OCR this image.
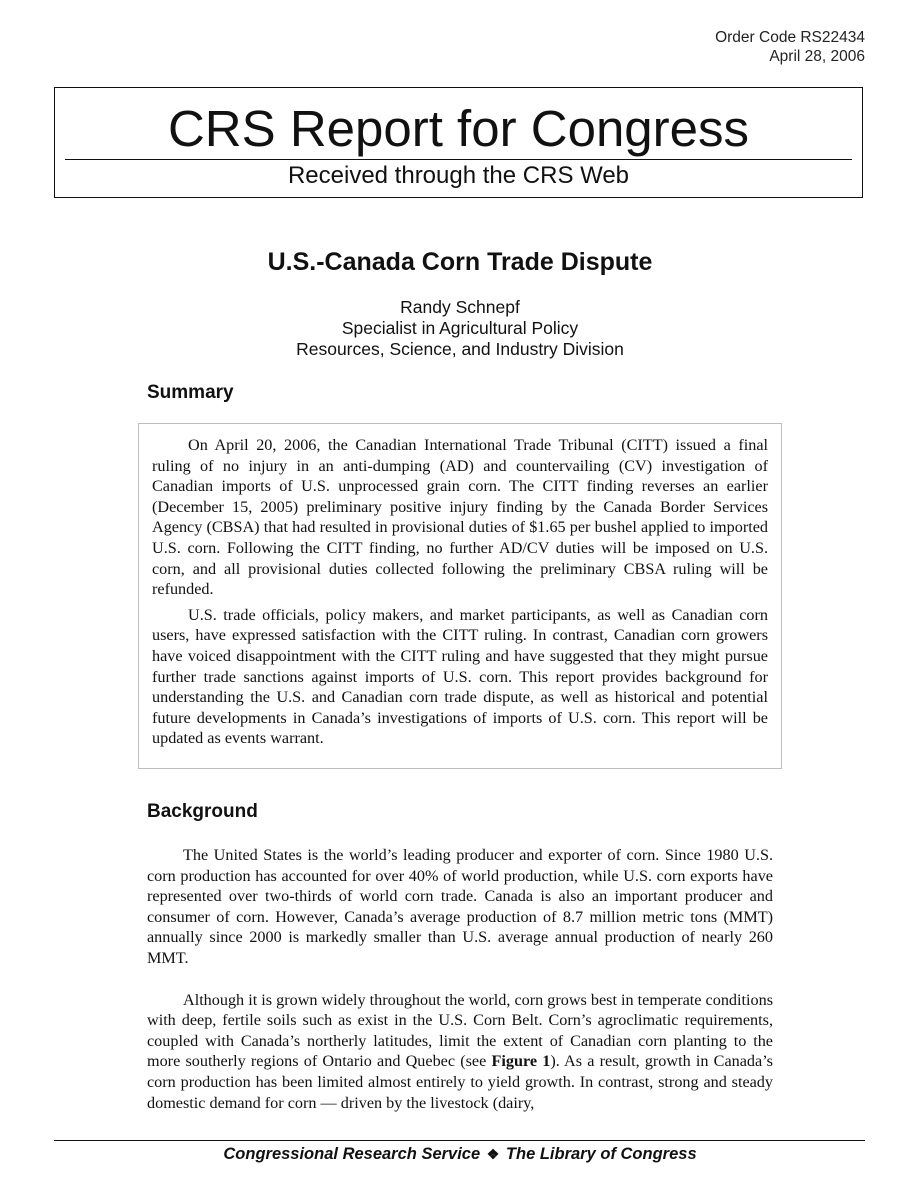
Order Code RS22434
April 28, 2006
CRS Report for Congress
Received through the CRS Web
U.S.-Canada Corn Trade Dispute
Randy Schnepf
Specialist in Agricultural Policy
Resources, Science, and Industry Division
Summary

On April 20, 2006, the Canadian International Trade Tribunal (CITT) issued a final ruling of no injury in an anti-dumping (AD) and countervailing (CV) investigation of Canadian imports of U.S. unprocessed grain corn. The CITT finding reverses an earlier (December 15, 2005) preliminary positive injury finding by the Canada Border Services Agency (CBSA) that had resulted in provisional duties of $1.65 per bushel applied to imported U.S. corn. Following the CITT finding, no further AD/CV duties will be imposed on U.S. corn, and all provisional duties collected following the preliminary CBSA ruling will be refunded.

U.S. trade officials, policy makers, and market participants, as well as Canadian corn users, have expressed satisfaction with the CITT ruling. In contrast, Canadian corn growers have voiced disappointment with the CITT ruling and have suggested that they might pursue further trade sanctions against imports of U.S. corn. This report provides background for understanding the U.S. and Canadian corn trade dispute, as well as historical and potential future developments in Canada’s investigations of imports of U.S. corn. This report will be updated as events warrant.

Background

The United States is the world’s leading producer and exporter of corn. Since 1980 U.S. corn production has accounted for over 40% of world production, while U.S. corn exports have represented over two-thirds of world corn trade. Canada is also an important producer and consumer of corn. However, Canada’s average production of 8.7 million metric tons (MMT) annually since 2000 is markedly smaller than U.S. average annual production of nearly 260 MMT.

Although it is grown widely throughout the world, corn grows best in temperate conditions with deep, fertile soils such as exist in the U.S. Corn Belt. Corn’s agroclimatic requirements, coupled with Canada’s northerly latitudes, limit the extent of Canadian corn planting to the more southerly regions of Ontario and Quebec (see Figure 1). As a result, growth in Canada’s corn production has been limited almost entirely to yield growth. In contrast, strong and steady domestic demand for corn — driven by the livestock (dairy,

Congressional Research Service ❖ The Library of Congress
